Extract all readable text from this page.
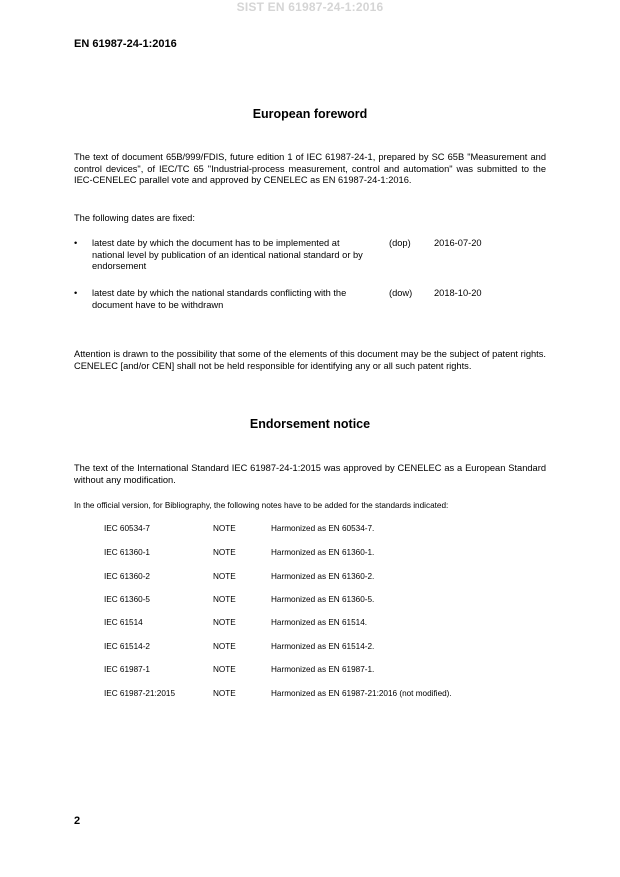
SIST EN 61987-24-1:2016
EN 61987-24-1:2016
European foreword
The text of document 65B/999/FDIS, future edition 1 of IEC 61987-24-1, prepared by SC 65B "Measurement and control devices", of IEC/TC 65 "Industrial-process measurement, control and automation" was submitted to the IEC-CENELEC parallel vote and approved by CENELEC as EN 61987-24-1:2016.
The following dates are fixed:
• latest date by which the document has to be implemented at national level by publication of an identical national standard or by endorsement
(dop)	2016-07-20
• latest date by which the national standards conflicting with the document have to be withdrawn
(dow) 2018-10-20
Attention is drawn to the possibility that some of the elements of this document may be the subject of patent rights. CENELEC [and/or CEN] shall not be held responsible for identifying any or all such patent rights.
Endorsement notice
The text of the International Standard IEC 61987-24-1:2015 was approved by CENELEC as a European Standard without any modification.
In the official version, for Bibliography, the following notes have to be added for the standards indicated:
IEC 60534-7	NOTE	Harmonized as EN 60534-7.
IEC 61360-1	NOTE	Harmonized as EN 61360-1.
IEC 61360-2	NOTE	Harmonized as EN 61360-2.
IEC 61360-5	NOTE	Harmonized as EN 61360-5.
IEC 61514	NOTE	Harmonized as EN 61514.
IEC 61514-2	NOTE	Harmonized as EN 61514-2.
IEC 61987-1	NOTE	Harmonized as EN 61987-1.
IEC 61987-21:2015	NOTE	Harmonized as EN 61987-21:2016 (not modified).
2
